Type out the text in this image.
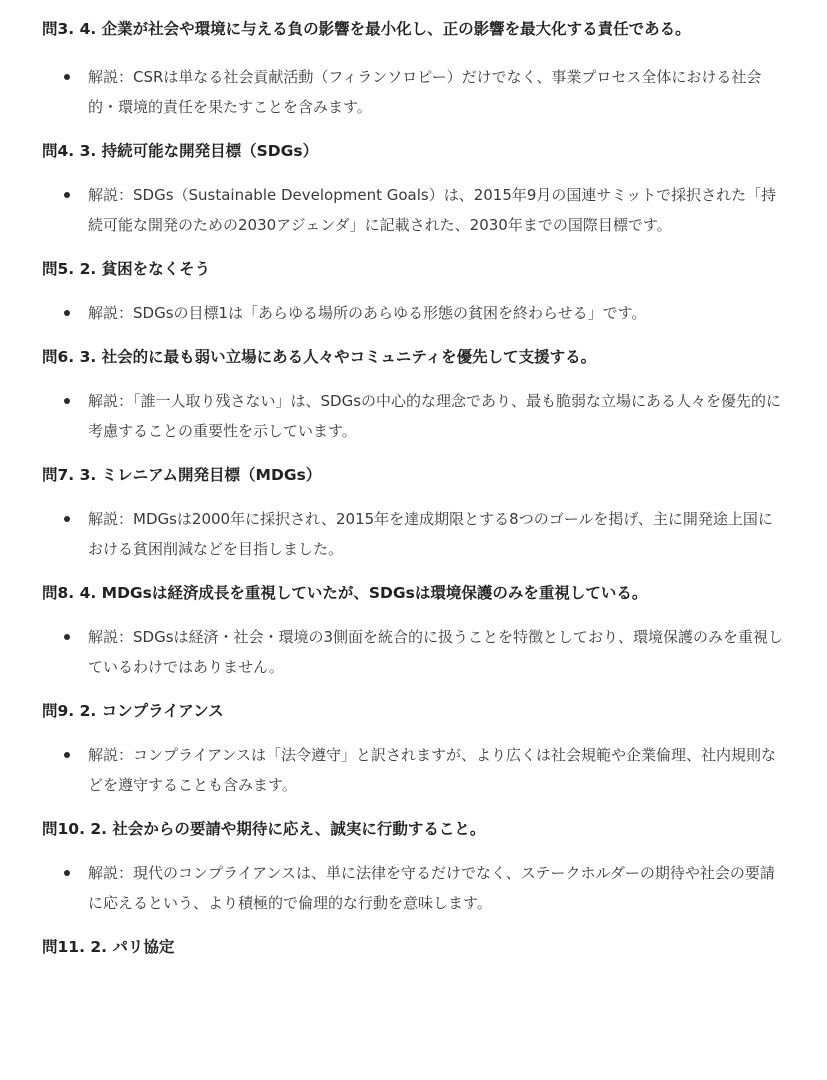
問3. 4. 企業が社会や環境に与える負の影響を最小化し、正の影響を最大化する責任である。

解説：CSRは単なる社会貢献活動（フィランソロピー）だけでなく、事業プロセス全体における社会的・環境的責任を果たすことを含みます。

問4. 3. 持続可能な開発目標（SDGs）

解説：SDGs（Sustainable Development Goals）は、2015年9月の国連サミットで採択された「持続可能な開発のための2030アジェンダ」に記載された、2030年までの国際目標です。

問5. 2. 貧困をなくそう

解説：SDGsの目標1は「あらゆる場所のあらゆる形態の貧困を終わらせる」です。

問6. 3. 社会的に最も弱い立場にある人々やコミュニティを優先して支援する。

解説：「誰一人取り残さない」は、SDGsの中心的な理念であり、最も脆弱な立場にある人々を優先的に考慮することの重要性を示しています。

問7. 3. ミレニアム開発目標（MDGs）

解説：MDGsは2000年に採択され、2015年を達成期限とする8つのゴールを掲げ、主に開発途上国における貧困削減などを目指しました。

問8. 4. MDGsは経済成長を重視していたが、SDGsは環境保護のみを重視している。

解説：SDGsは経済・社会・環境の3側面を統合的に扱うことを特徴としており、環境保護のみを重視しているわけではありません。

問9. 2. コンプライアンス

解説：コンプライアンスは「法令遵守」と訳されますが、より広くは社会規範や企業倫理、社内規則などを遵守することも含みます。

問10. 2. 社会からの要請や期待に応え、誠実に行動すること。

解説：現代のコンプライアンスは、単に法律を守るだけでなく、ステークホルダーの期待や社会の要請に応えるという、より積極的で倫理的な行動を意味します。

問11. 2. パリ協定
